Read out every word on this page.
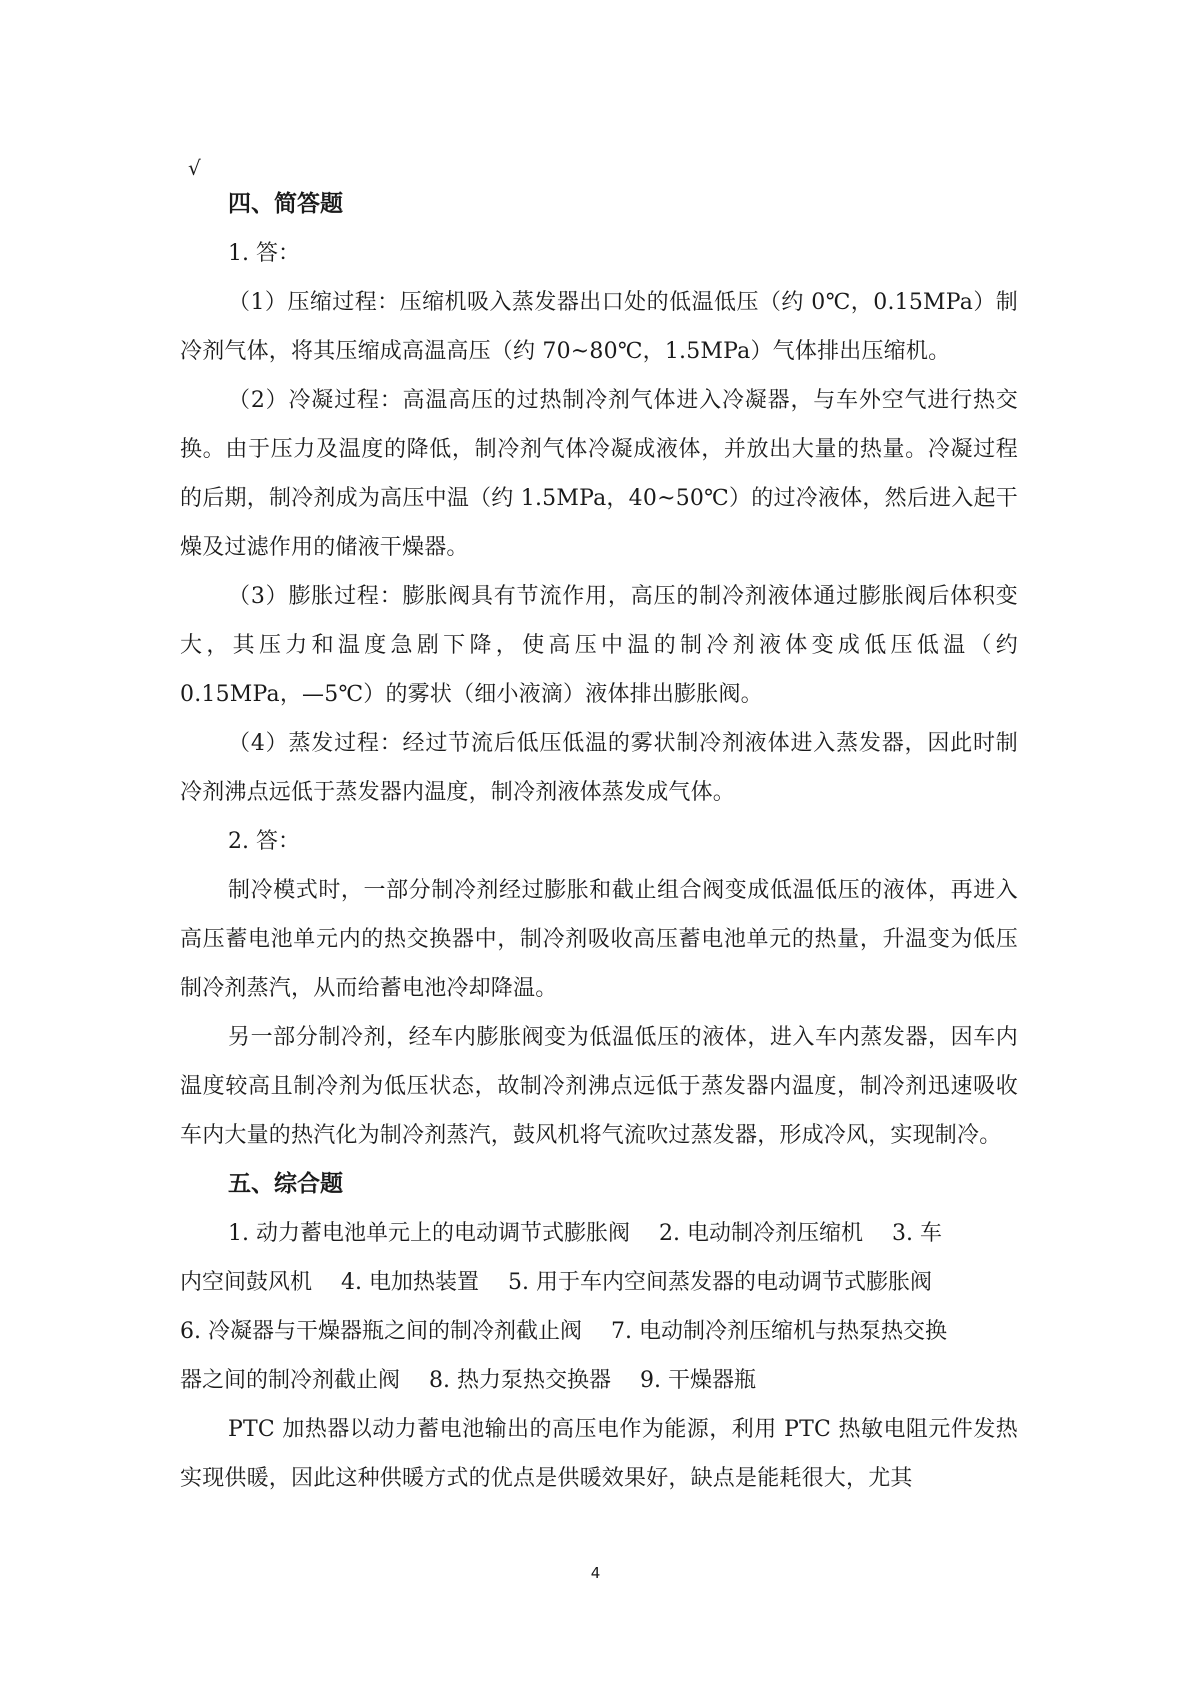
√

四、简答题

1. 答：

（1）压缩过程：压缩机吸入蒸发器出口处的低温低压（约 0℃，0.15MPa）制冷剂气体，将其压缩成高温高压（约 70~80℃，1.5MPa）气体排出压缩机。

（2）冷凝过程：高温高压的过热制冷剂气体进入冷凝器，与车外空气进行热交换。由于压力及温度的降低，制冷剂气体冷凝成液体，并放出大量的热量。冷凝过程的后期，制冷剂成为高压中温（约 1.5MPa，40~50℃）的过冷液体，然后进入起干燥及过滤作用的储液干燥器。

（3）膨胀过程：膨胀阀具有节流作用，高压的制冷剂液体通过膨胀阀后体积变大，其压力和温度急剧下降，使高压中温的制冷剂液体变成低压低温（约 0.15MPa，—5℃）的雾状（细小液滴）液体排出膨胀阀。

（4）蒸发过程：经过节流后低压低温的雾状制冷剂液体进入蒸发器，因此时制冷剂沸点远低于蒸发器内温度，制冷剂液体蒸发成气体。

2. 答：

制冷模式时，一部分制冷剂经过膨胀和截止组合阀变成低温低压的液体，再进入高压蓄电池单元内的热交换器中，制冷剂吸收高压蓄电池单元的热量，升温变为低压制冷剂蒸汽，从而给蓄电池冷却降温。

另一部分制冷剂，经车内膨胀阀变为低温低压的液体，进入车内蒸发器，因车内温度较高且制冷剂为低压状态，故制冷剂沸点远低于蒸发器内温度，制冷剂迅速吸收车内大量的热汽化为制冷剂蒸汽，鼓风机将气流吹过蒸发器，形成冷风，实现制冷。

五、综合题

1. 动力蓄电池单元上的电动调节式膨胀阀　 2. 电动制冷剂压缩机　 3. 车

内空间鼓风机　 4. 电加热装置　 5. 用于车内空间蒸发器的电动调节式膨胀阀

6. 冷凝器与干燥器瓶之间的制冷剂截止阀　 7. 电动制冷剂压缩机与热泵热交换

器之间的制冷剂截止阀　 8. 热力泵热交换器　 9. 干燥器瓶

PTC 加热器以动力蓄电池输出的高压电作为能源，利用 PTC 热敏电阻元件发热实现供暖，因此这种供暖方式的优点是供暖效果好，缺点是能耗很大，尤其

4
